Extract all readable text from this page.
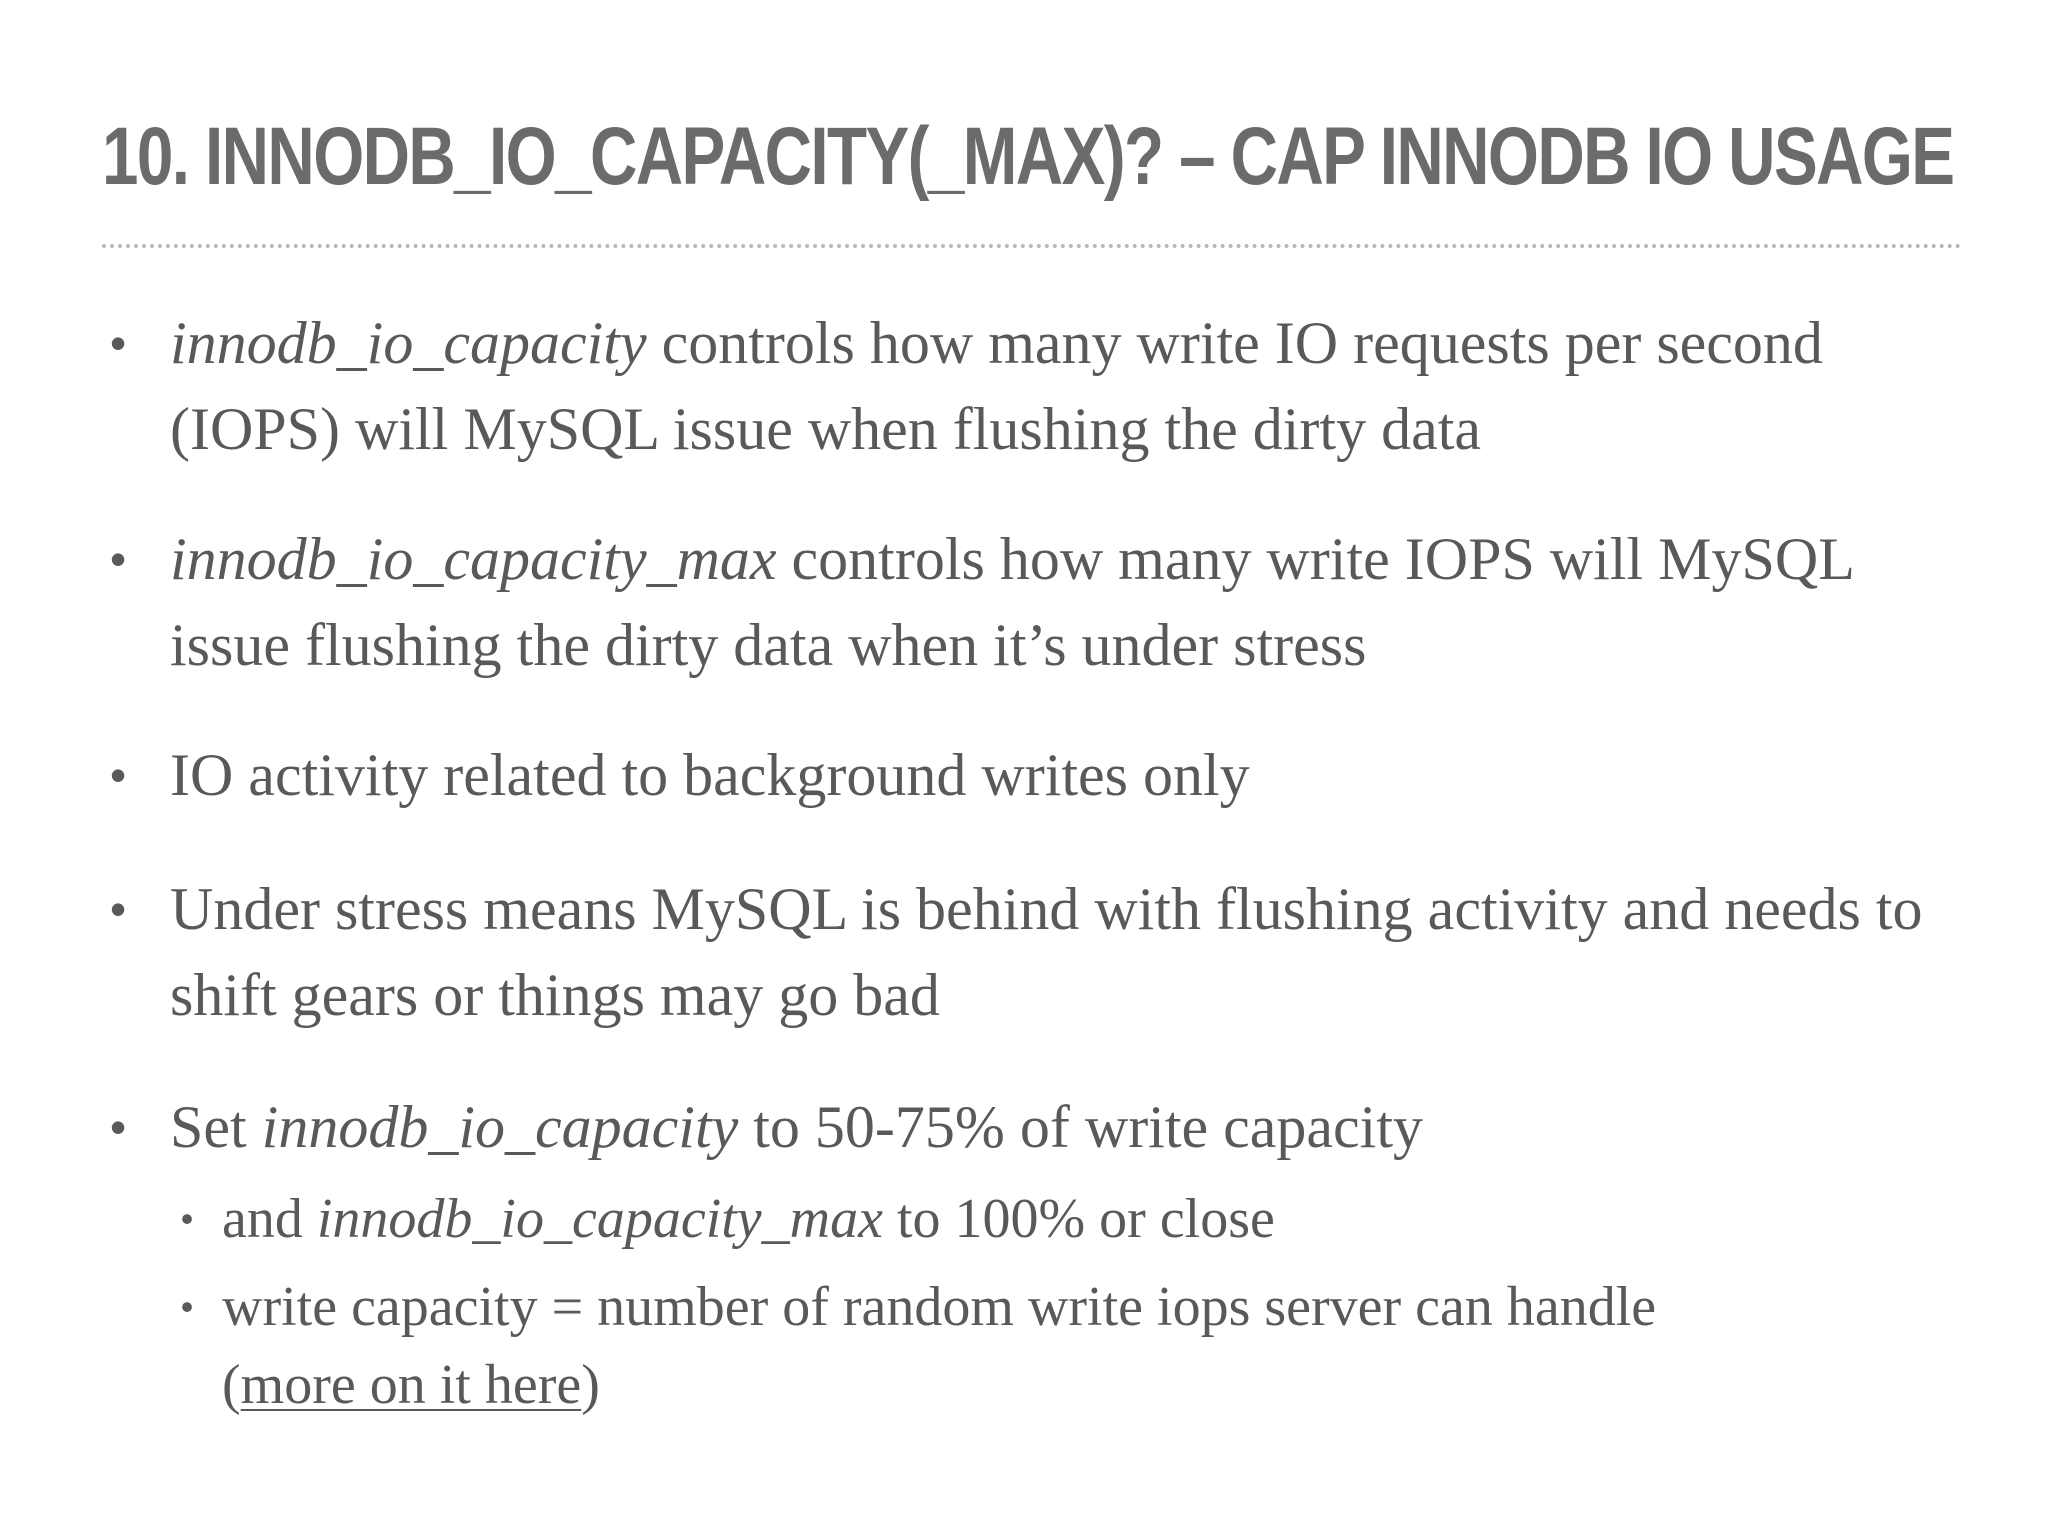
10. INNODB_IO_CAPACITY(_MAX)? – CAP INNODB IO USAGE
• innodb_io_capacity controls how many write IO requests per second (IOPS) will MySQL issue when flushing the dirty data
• innodb_io_capacity_max controls how many write IOPS will MySQL issue flushing the dirty data when it’s under stress
• IO activity related to background writes only
• Under stress means MySQL is behind with flushing activity and needs to shift gears or things may go bad
• Set innodb_io_capacity to 50-75% of write capacity
• and innodb_io_capacity_max to 100% or close
• write capacity = number of random write iops server can handle
(more on it here)
